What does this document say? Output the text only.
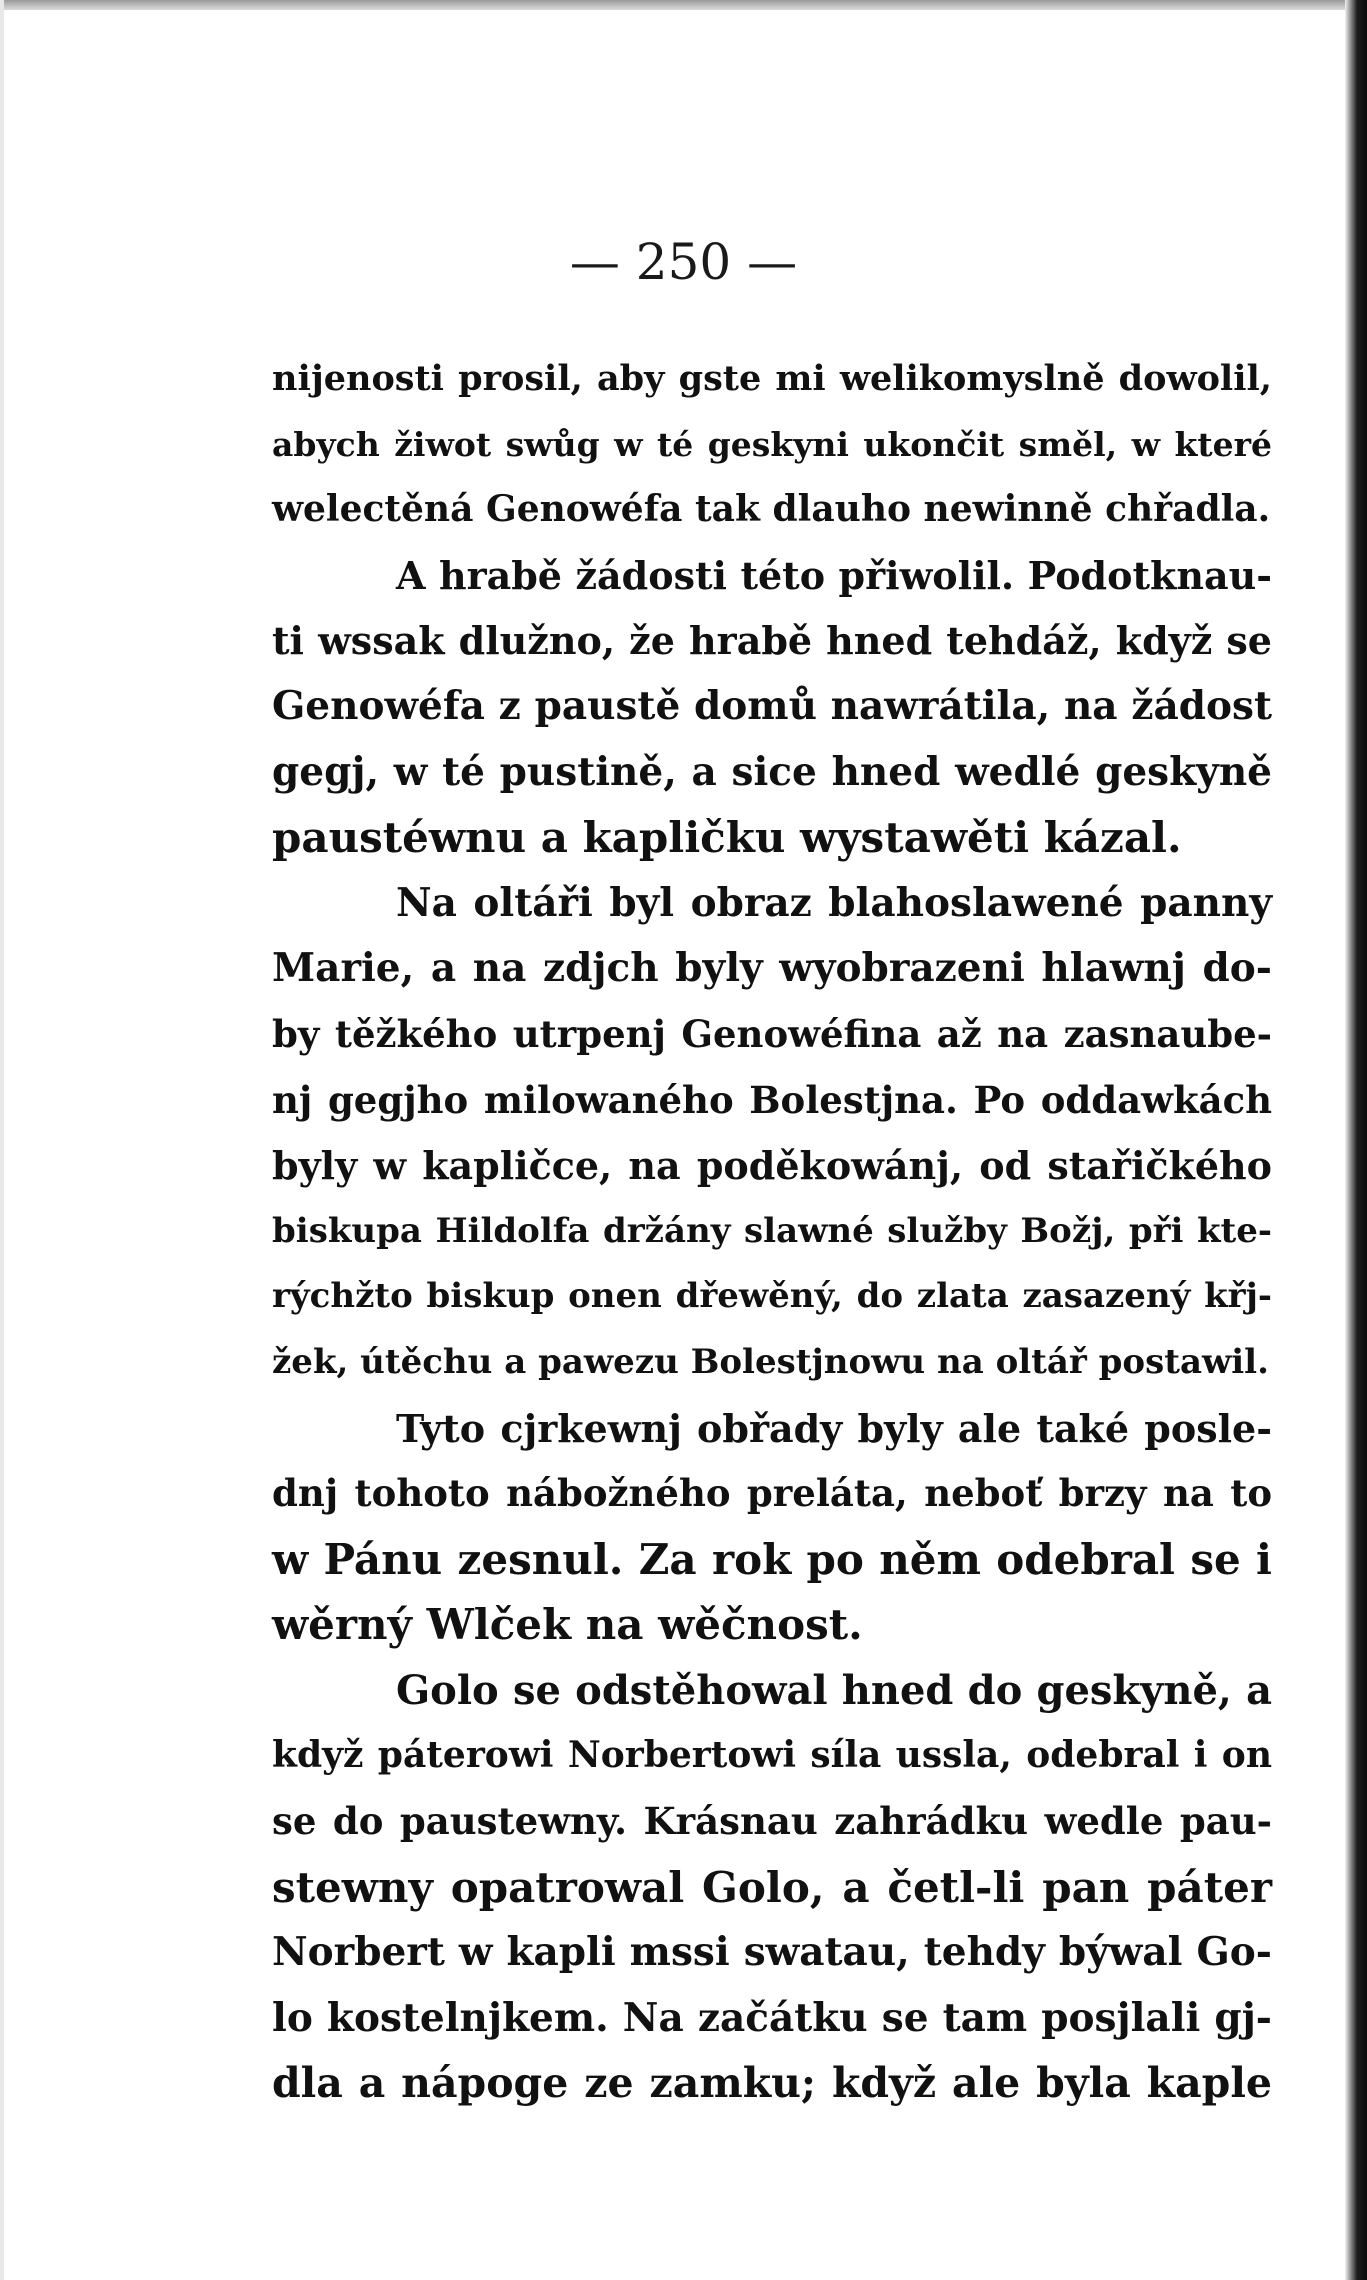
— 250 —
nĳenosti prosil, aby gste mi welikomyslně dowolil,
abych žiwot swůg w té geskyni ukončit směl, w které
welectěná Genowéfa tak dlauho newinně chřadla.
A hrabě žádosti této přiwolil. Podotknau-
ti wssak dlužno, že hrabě hned tehdáž, když se
Genowéfa z paustě domů nawrátila, na žádost
gegj, w té pustině, a sice hned wedlé geskyně
paustéwnu a kapličku wystawěti kázal.
Na oltáři byl obraz blahoslawené panny
Marie, a na zdjch byly wyobrazeni hlawnj do-
by těžkého utrpenj Genowéfina až na zasnaube-
nj gegjho milowaného Bolestjna. Po oddawkách
byly w kapličce, na poděkowánj, od stařičkého
biskupa Hildolfa držány slawné služby Božj, při kte-
rýchžto biskup onen dřewěný, do zlata zasazený křj-
žek, útěchu a pawezu Bolestjnowu na oltář postawil.
Tyto cjrkewnj obřady byly ale také posle-
dnj tohoto nábožného preláta, neboť brzy na to
w Pánu zesnul. Za rok po něm odebral se i
wěrný Wlček na wěčnost.
Golo se odstěhowal hned do geskyně, a
když páterowi Norbertowi síla ussla, odebral i on
se do paustewny. Krásnau zahrádku wedle pau-
stewny opatrowal Golo, a četl-li pan páter
Norbert w kapli mssi swatau, tehdy býwal Go-
lo kostelnjkem. Na začátku se tam posjlali gj-
dla a nápoge ze zamku; když ale byla kaple
